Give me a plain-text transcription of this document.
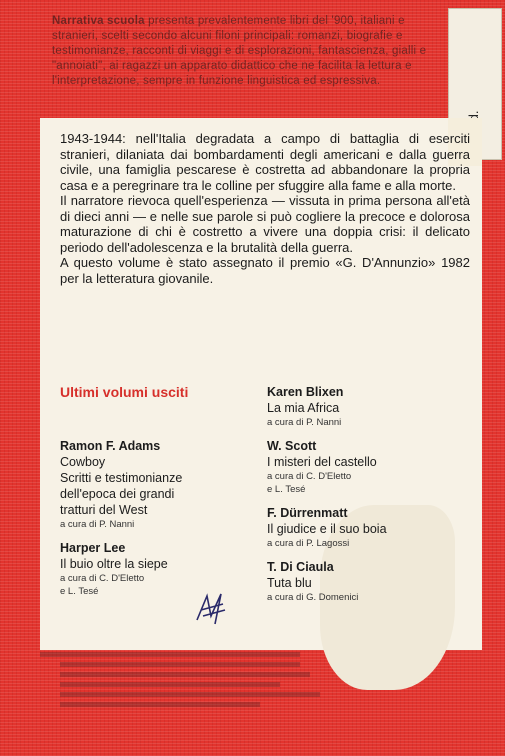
Narrativa scuola presenta prevalentemente libri del '900, italiani e stranieri, scelti secondo alcuni filoni principali: romanzi, biografie e testimonianze, racconti di viaggi e di esplorazioni, fantascienza, gialli e "annoiati", ai ragazzi un apparato didattico che ne facilita la lettura e l'interpretazione, sempre in funzione linguistica ed espressiva.

1943-1944: nell'Italia degradata a campo di battaglia di eserciti stranieri, dilaniata dai bombardamenti degli americani e dalla guerra civile, una famiglia pescarese è costretta ad abbandonare la propria casa e a peregrinare tra le colline per sfuggire alla fame e alla morte.

Il narratore rievoca quell'esperienza — vissuta in prima persona all'età di dieci anni — e nelle sue parole si può cogliere la precoce e dolorosa maturazione di chi è costretto a vivere una doppia crisi: il delicato periodo dell'adolescenza e la brutalità della guerra.

A questo volume è stato assegnato il premio «G. D'Annunzio» 1982 per la letteratura giovanile.

Ultimi volumi usciti
Ramon F. Adams
Cowboy
Scritti e testimonianze
dell'epoca dei grandi
tratturi del West
a cura di P. Nanni
Harper Lee
Il buio oltre la siepe
a cura di C. D'Eletto
e L. Tesé
Karen Blixen
La mia Africa
a cura di P. Nanni
W. Scott
I misteri del castello
a cura di C. D'Eletto
e L. Tesé
F. Dürrenmatt
Il giudice e il suo boia
a cura di P. Lagossi
T. Di Ciaula
Tuta blu
a cura di G. Domenici
